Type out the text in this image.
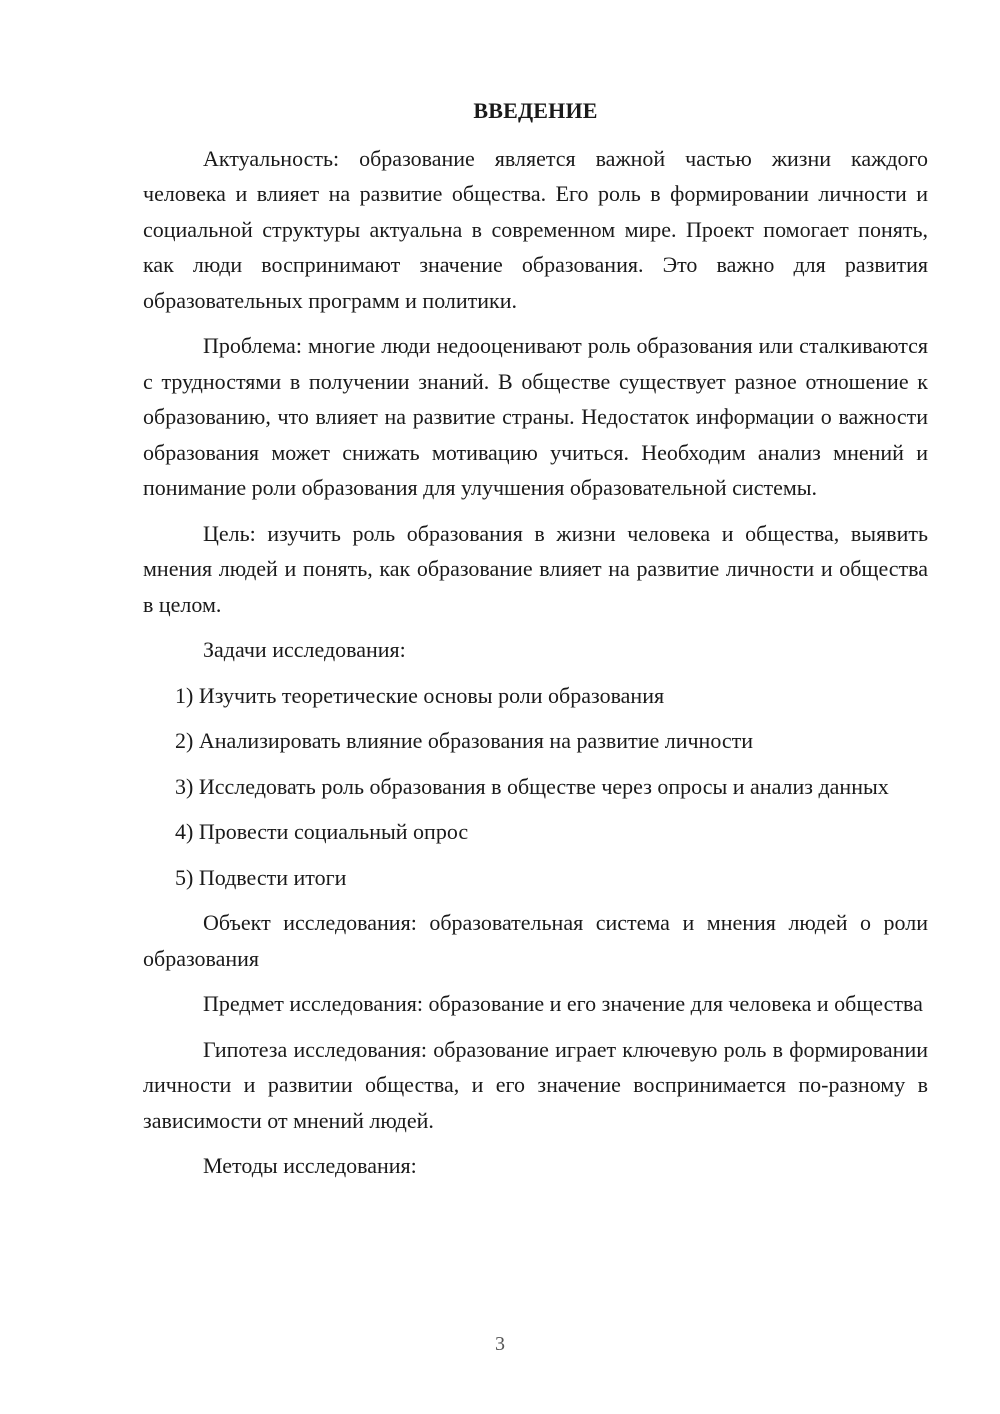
ВВЕДЕНИЕ

Актуальность: образование является важной частью жизни каждого человека и влияет на развитие общества. Его роль в формировании личности и социальной структуры актуальна в современном мире. Проект помогает понять, как люди воспринимают значение образования. Это важно для развития образовательных программ и политики.

Проблема: многие люди недооценивают роль образования или сталкиваются с трудностями в получении знаний. В обществе существует разное отношение к образованию, что влияет на развитие страны. Недостаток информации о важности образования может снижать мотивацию учиться. Необходим анализ мнений и понимание роли образования для улучшения образовательной системы.

Цель: изучить роль образования в жизни человека и общества, выявить мнения людей и понять, как образование влияет на развитие личности и общества в целом.

Задачи исследования:

1) Изучить теоретические основы роли образования

2) Анализировать влияние образования на развитие личности

3) Исследовать роль образования в обществе через опросы и анализ данных

4) Провести социальный опрос

5) Подвести итоги

Объект исследования: образовательная система и мнения людей о роли образования

Предмет исследования: образование и его значение для человека и общества

Гипотеза исследования: образование играет ключевую роль в формировании личности и развитии общества, и его значение воспринимается по-разному в зависимости от мнений людей.

Методы исследования:

3
